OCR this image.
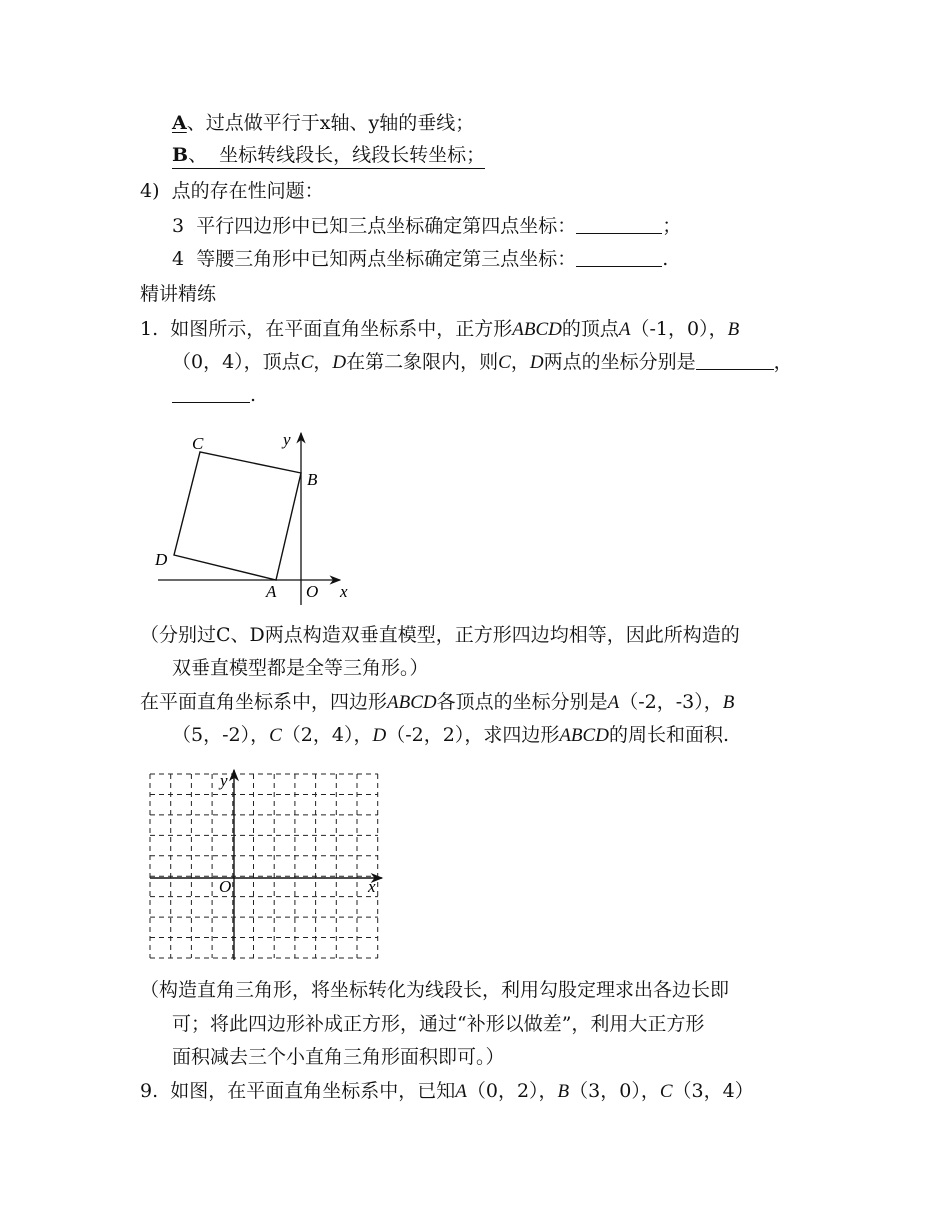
A、过点做平行于x轴、y轴的垂线；
B、 坐标转线段长，线段长转坐标；
4) 点的存在性问题：
3 平行四边形中已知三点坐标确定第四点坐标：	；
4 等腰三角形中已知两点坐标确定第三点坐标：	.
精讲精练
1. 如图所示，在平面直角坐标系中，正方形ABCD的顶点A（-1，0），B
（0，4），顶点C，D在第二象限内，则C，D两点的坐标分别是	，
.
C
B
D
A O x
y
（分别过C、D两点构造双垂直模型，正方形四边均相等，因此所构造的
双垂直模型都是全等三角形。）
在平面直角坐标系中，四边形ABCD各顶点的坐标分别是A（-2，-3），B
（5，-2），C（2，4），D（-2，2），求四边形ABCD的周长和面积.
y
O	x
（构造直角三角形，将坐标转化为线段长，利用勾股定理求出各边长即
可；将此四边形补成正方形，通过“补形以做差”，利用大正方形
面积减去三个小直角三角形面积即可。）
9. 如图，在平面直角坐标系中，已知A（0，2），B（3，0），C（3，4）
